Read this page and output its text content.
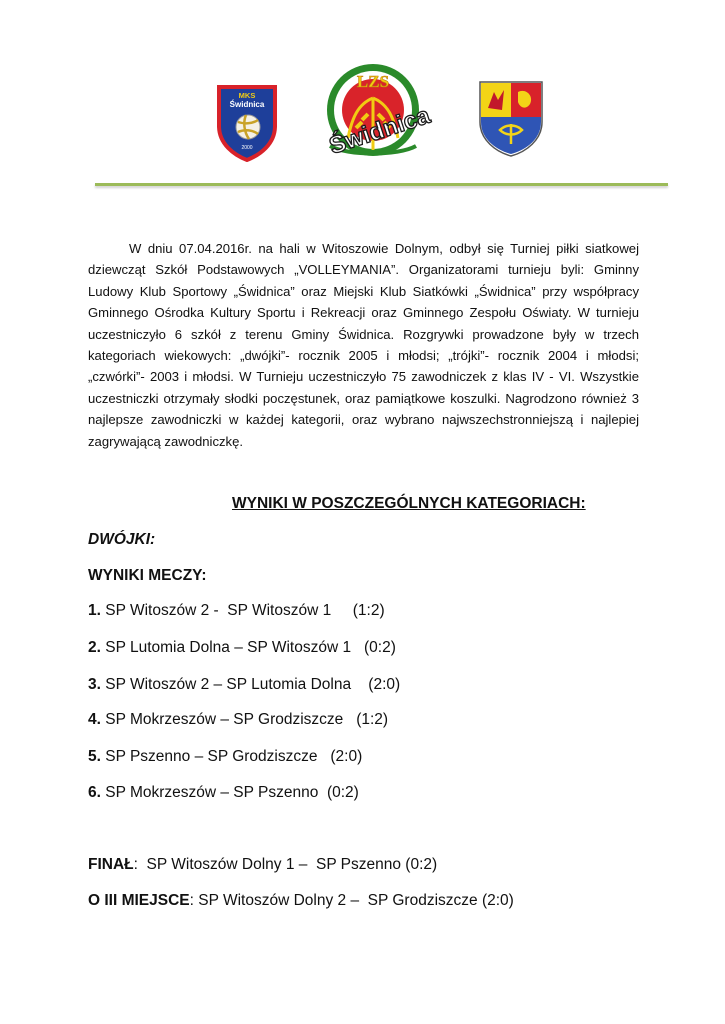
MKS
Świdnica
2000
LZS
Świdnica

W dniu 07.04.2016r. na hali w Witoszowie Dolnym, odbył się Turniej piłki siatkowej dziewcząt Szkół Podstawowych „VOLLEYMANIA”. Organizatorami turnieju byli: Gminny Ludowy Klub Sportowy „Świdnica” oraz Miejski Klub Siatkówki „Świdnica” przy współpracy Gminnego Ośrodka Kultury Sportu i Rekreacji oraz Gminnego Zespołu Oświaty. W turnieju uczestniczyło 6 szkół z terenu Gminy Świdnica. Rozgrywki prowadzone były w trzech kategoriach wiekowych: „dwójki”- rocznik 2005 i młodsi; „trójki”- rocznik 2004 i młodsi; „czwórki”- 2003 i młodsi. W Turnieju uczestniczyło 75 zawodniczek z klas IV - VI. Wszystkie uczestniczki otrzymały słodki poczęstunek, oraz pamiątkowe koszulki. Nagrodzono również 3 najlepsze zawodniczki w każdej kategorii, oraz wybrano najwszechstronniejszą i najlepiej zagrywającą zawodniczkę.

WYNIKI W POSZCZEGÓLNYCH KATEGORIACH:

DWÓJKI:

WYNIKI MECZY:

1. SP Witoszów 2 -  SP Witoszów 1     (1:2)

2. SP Lutomia Dolna – SP Witoszów 1   (0:2)

3. SP Witoszów 2 – SP Lutomia Dolna    (2:0)

4. SP Mokrzeszów – SP Grodziszcze   (1:2)

5. SP Pszenno – SP Grodziszcze   (2:0)

6. SP Mokrzeszów – SP Pszenno  (0:2)

FINAŁ:  SP Witoszów Dolny 1 –  SP Pszenno (0:2)

O III MIEJSCE: SP Witoszów Dolny 2 –  SP Grodziszcze (2:0)
